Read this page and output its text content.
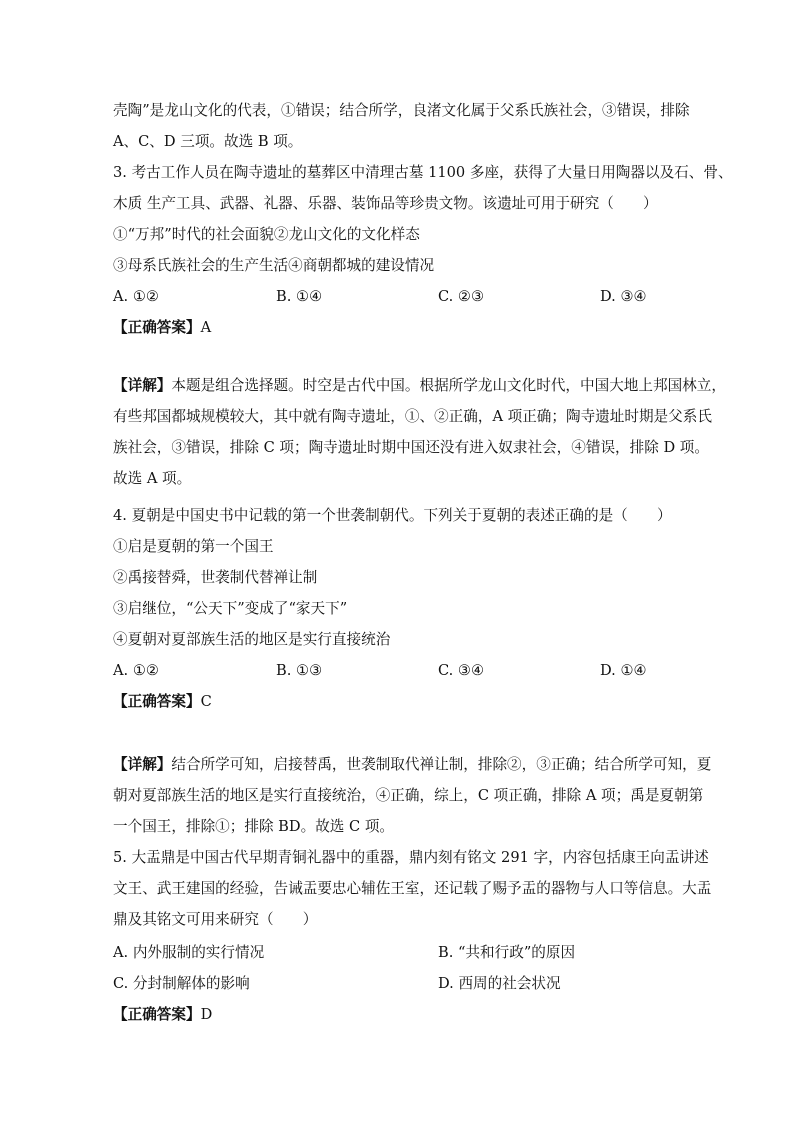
壳陶”是龙山文化的代表，①错误；结合所学，良渚文化属于父系氏族社会，③错误，排除
A、C、D 三项。故选 B 项。
3. 考古工作人员在陶寺遗址的墓葬区中清理古墓 1100 多座，获得了大量日用陶器以及石、骨、
木质 生产工具、武器、礼器、乐器、装饰品等珍贵文物。该遗址可用于研究（　　）
①“万邦”时代的社会面貌②龙山文化的文化样态
③母系氏族社会的生产生活④商朝都城的建设情况
A. ①②	B. ①④	C. ②③	D. ③④
【正确答案】A
【详解】本题是组合选择题。时空是古代中国。根据所学龙山文化时代，中国大地上邦国林立，
有些邦国都城规模较大，其中就有陶寺遗址，①、②正确，A 项正确；陶寺遗址时期是父系氏
族社会，③错误，排除 C 项；陶寺遗址时期中国还没有进入奴隶社会，④错误，排除 D 项。
故选 A 项。
4. 夏朝是中国史书中记载的第一个世袭制朝代。下列关于夏朝的表述正确的是（　　）
①启是夏朝的第一个国王
②禹接替舜，世袭制代替禅让制
③启继位，“公天下”变成了“家天下”
④夏朝对夏部族生活的地区是实行直接统治
A. ①②	B. ①③	C. ③④	D. ①④
【正确答案】C
【详解】结合所学可知，启接替禹，世袭制取代禅让制，排除②，③正确；结合所学可知，夏
朝对夏部族生活的地区是实行直接统治，④正确，综上，C 项正确，排除 A 项；禹是夏朝第
一个国王，排除①；排除 BD。故选 C 项。
5. 大盂鼎是中国古代早期青铜礼器中的重器，鼎内刻有铭文 291 字，内容包括康王向盂讲述
文王、武王建国的经验，告诫盂要忠心辅佐王室，还记载了赐予盂的器物与人口等信息。大盂
鼎及其铭文可用来研究（　　）
A. 内外服制的实行情况	B. “共和行政”的原因
C. 分封制解体的影响	D. 西周的社会状况
【正确答案】D
